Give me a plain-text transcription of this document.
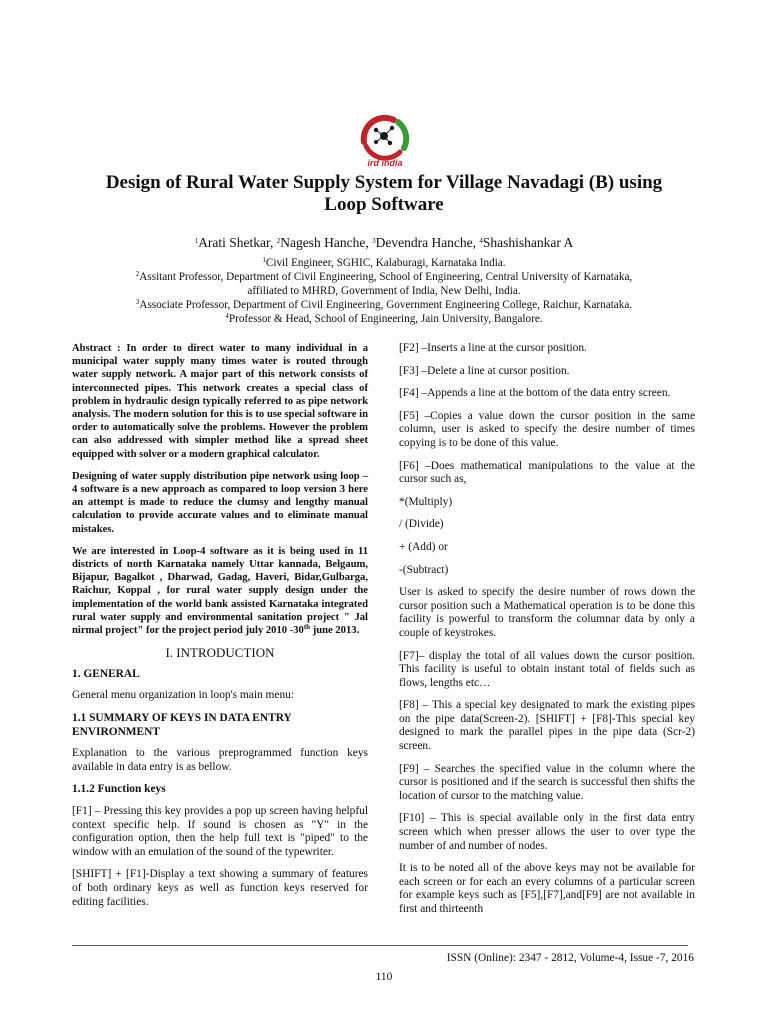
ird india
Design of Rural Water Supply System for Village Navadagi (B) using
Loop Software
$^1$Arati Shetkar, $^2$Nagesh Hanche, $^3$Devendra Hanche, $^4$Shashishankar A
$^1$Civil Engineer, SGHIC, Kalaburagi, Karnataka India.
$^2$Assitant Professor, Department of Civil Engineering, School of Engineering, Central University of Karnataka,
affiliated to MHRD, Government of India, New Delhi, India.
$^3$Associate Professor, Department of Civil Engineering, Government Engineering College, Raichur, Karnataka.
$^4$Professor & Head, School of Engineering, Jain University, Bangalore.

Abstract : In order to direct water to many individual in a municipal water supply many times water is routed through water supply network. A major part of this network consists of interconnected pipes. This network creates a special class of problem in hydraulic design typically referred to as pipe network analysis. The modern solution for this is to use special software in order to automatically solve the problems. However the problem can also addressed with simpler method like a spread sheet equipped with solver or a modern graphical calculator.

Designing of water supply distribution pipe network using loop – 4 software is a new approach as compared to loop version 3 here an attempt is made to reduce the clumsy and lengthy manual calculation to provide accurate values and to eliminate manual mistakes.

We are interested in Loop-4 software as it is being used in 11 districts of north Karnataka namely Uttar kannada, Belgaum, Bijapur, Bagalkot , Dharwad, Gadag, Haveri, Bidar,Gulbarga, Raichur, Koppal , for rural water supply design under the implementation of the world bank assisted Karnataka integrated rural water supply and environmental sanitation project " Jal nirmal project" for the project period july 2010 -30th june 2013.

I. INTRODUCTION
1. GENERAL

General menu organization in loop's main menu:

1.1 SUMMARY OF KEYS IN DATA ENTRY ENVIRONMENT

Explanation to the various preprogrammed function keys available in data entry is as bellow.

1.1.2 Function keys

[F1] – Pressing this key provides a pop up screen having helpful context specific help. If sound is chosen as "Y" in the configuration option, then the help full text is "piped" to the window with an emulation of the sound of the typewriter.

[SHIFT] + [F1]-Display a text showing a summary of features of both ordinary keys as well as function keys reserved for editing facilities.

[F2] –Inserts a line at the cursor position.

[F3] –Delete a line at cursor position.

[F4] –Appends a line at the bottom of the data entry screen.

[F5] –Copies a value down the cursor position in the same column, user is asked to specify the desire number of times copying is to be done of this value.

[F6] –Does mathematical manipulations to the value at the cursor such as,

*(Multiply)

/ (Divide)

+ (Add) or

-(Subtract)

User is asked to specify the desire number of rows down the cursor position such a Mathematical operation is to be done this facility is powerful to transform the columnar data by only a couple of keystrokes.

[F7]– display the total of all values down the cursor position. This facility is useful to obtain instant total of fields such as flows, lengths etc…

[F8] – This a special key designated to mark the existing pipes on the pipe data(Screen-2). [SHIFT] + [F8]-This special key designed to mark the parallel pipes in the pipe data (Scr-2) screen.

[F9] – Searches the specified value in the column where the cursor is positioned and if the search is successful then shifts the location of cursor to the matching value.

[F10] – This is special available only in the first data entry screen which when presser allows the user to over type the number of and number of nodes.

It is to be noted all of the above keys may not be available for each screen or for each an every columns of a particular screen for example keys such as [F5],[F7],and[F9] are not available in first and thirteenth

ISSN (Online): 2347 - 2812, Volume-4, Issue -7, 2016
110
